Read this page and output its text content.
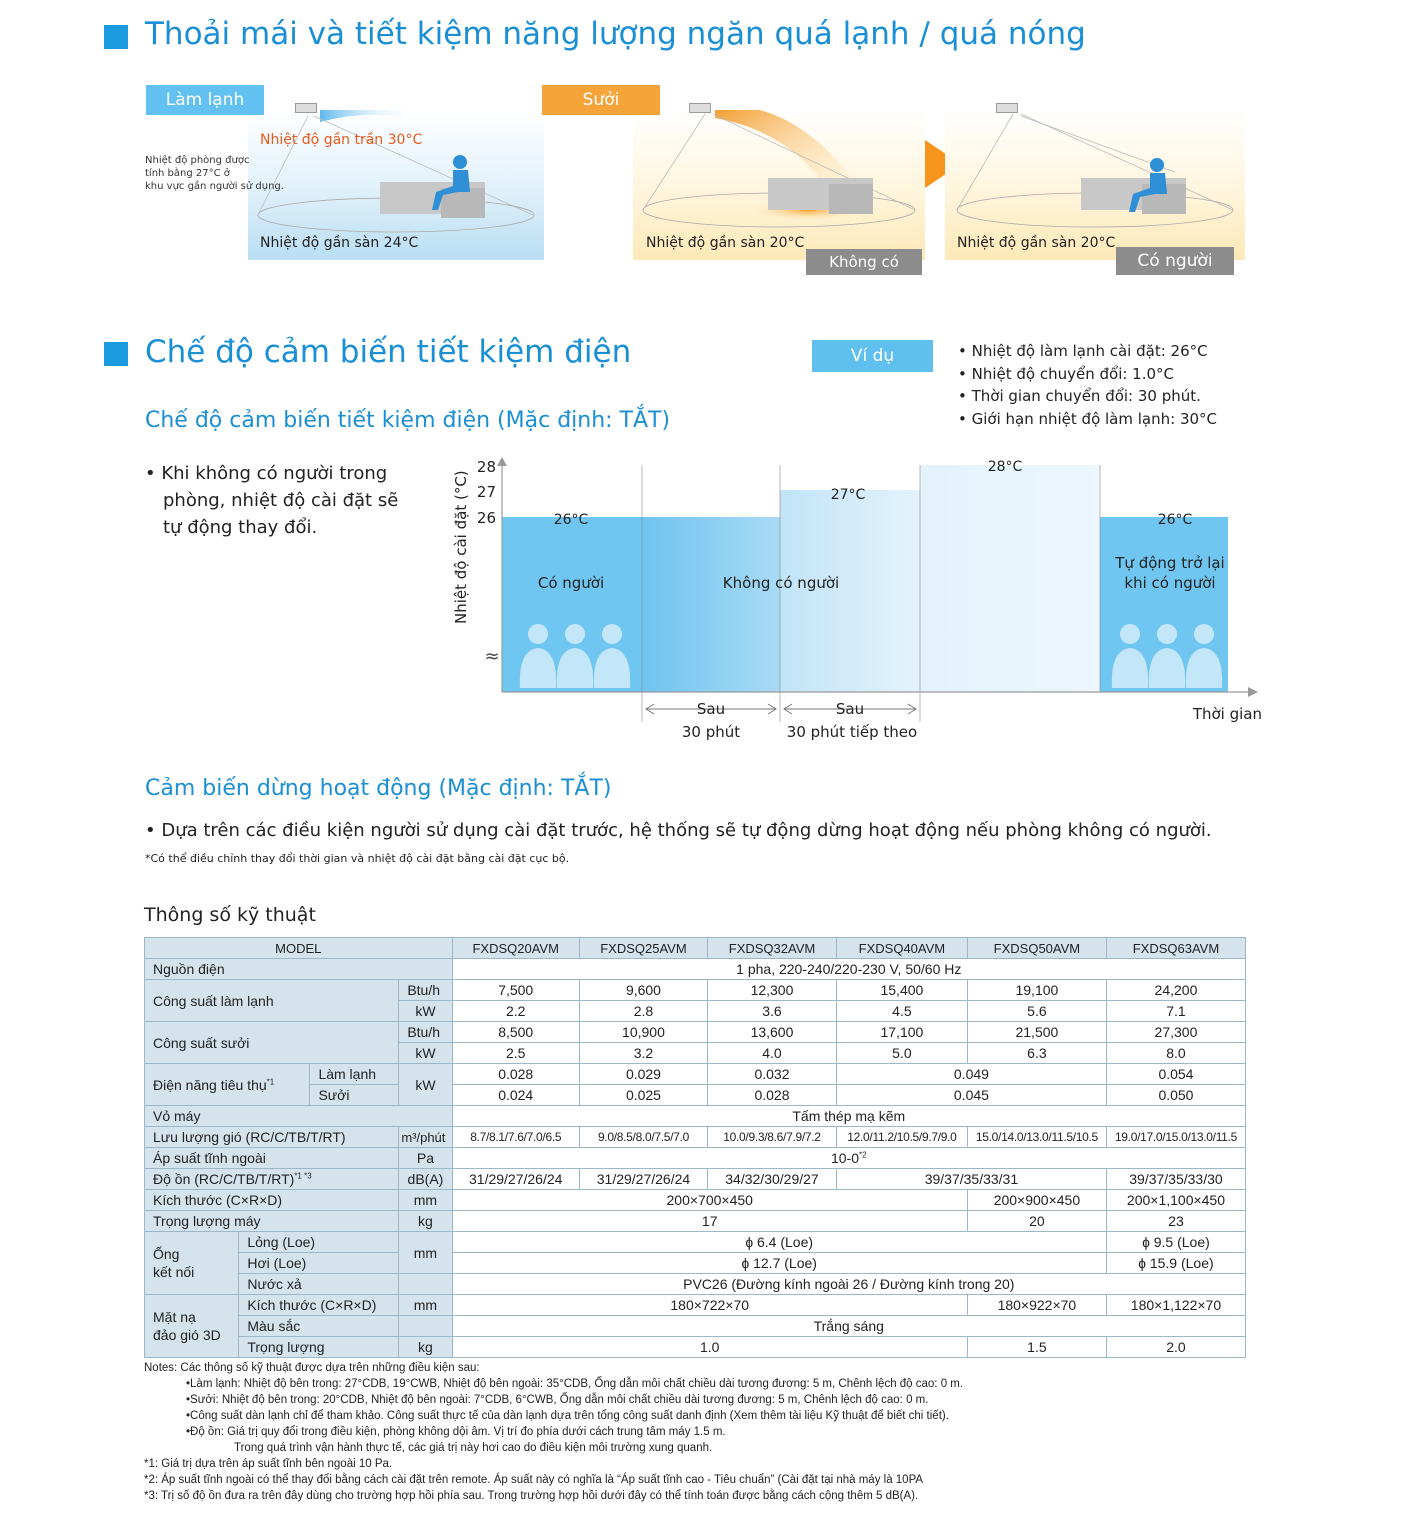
Thoải mái và tiết kiệm năng lượng ngăn quá lạnh / quá nóng
Làm lạnh
Nhiệt độ gần trần 30°C
Nhiệt độ gần sàn 24°C
Nhiệt độ phòng được
tính bằng 27°C ở
khu vực gần người sử dụng.
Sưởi
Nhiệt độ gần sàn 20°C
Không có người
Nhiệt độ gần sàn 20°C
Có người
Chế độ cảm biến tiết kiệm điện	Ví dụ	• Nhiệt độ làm lạnh cài đặt: 26°C
• Nhiệt độ chuyển đổi: 1.0°C
• Thời gian chuyển đổi: 30 phút.
• Giới hạn nhiệt độ làm lạnh: 30°C
Chế độ cảm biến tiết kiệm điện (Mặc định: TẮT)
• Khi không có người trong
phòng, nhiệt độ cài đặt sẽ
tự động thay đổi.	Nhiệt độ cài đặt (°C)
28
27
26
≈
26°C
27°C
28°C
26°C
Có người	Không có người
Tự động trở lại
khi có người
Sau
30 phút
Sau
30 phút tiếp theo
Thời gian
Cảm biến dừng hoạt động (Mặc định: TẮT)
• Dựa trên các điều kiện người sử dụng cài đặt trước, hệ thống sẽ tự động dừng hoạt động nếu phòng không có người.
*Có thể điều chỉnh thay đổi thời gian và nhiệt độ cài đặt bằng cài đặt cục bộ.
Thông số kỹ thuật
MODEL				FXDSQ20AVM	FXDSQ25AVM	FXDSQ32AVM	FXDSQ40AVM	FXDSQ50AVM	FXDSQ63AVM
Nguồn điện				1 pha, 220-240/220-230 V, 50/60 Hz					
Công suất làm lạnh			Btu/h	7,500	9,600	12,300	15,400	19,100	24,200
			kW	2.2	2.8	3.6	4.5	5.6	7.1
Công suất sưởi			Btu/h	8,500	10,900	13,600	17,100	21,500	27,300
			kW	2.5	3.2	4.0	5.0	6.3	8.0
Điện năng tiêu thụ$^{*1}$		Làm lạnh	kW	0.028	0.029	0.032	0.049		0.054
		Sưởi		0.024	0.025	0.028	0.045		0.050
Vỏ máy				Tấm thép mạ kẽm					
Lưu lượng gió (RC/C/TB/T/RT)			m³/phút	8.7/8.1/7.6/7.0/6.5	9.0/8.5/8.0/7.5/7.0	10.0/9.3/8.6/7.9/7.2	12.0/11.2/10.5/9.7/9.0	15.0/14.0/13.0/11.5/10.5	19.0/17.0/15.0/13.0/11.5
Áp suất tĩnh ngoài			Pa	10-0$^{*2}$
Độ ồn $(RC/C/TB/T/RT)^{*1 *3}$			dB(A)	31/29/27/26/24	31/29/27/26/24	34/32/30/29/27	39/37/35/33/31		39/37/35/33/30
Kích thước (C×R×D)			mm	200×700×450				200×900×450	200×1,100×450
Trọng lượng máy			kg	17				20	23

Ống
kết nối	Lỏng (Loe)		mm	ɸ 6.4 (Loe)					ɸ 9.5 (Loe)
	Hơi (Loe)			ɸ 12.7 (Loe)					ɸ 15.9 (Loe)
	Nước xả			PVC26 (Đường kính ngoài 26 / Đường kính trong 20)					

Mặt nạ
đảo gió 3D	Kích thước (C×R×D)		mm	180×722×70				180×922×70	180×1,122×70
	Màu sắc			Trắng sáng					
	Trọng lượng		kg	1.0				1.5	2.0
Notes: Các thông số kỹ thuật được dựa trên những điều kiện sau:
•Làm lạnh: Nhiệt độ bên trong: 27°CDB, 19°CWB, Nhiệt độ bên ngoài: 35°CDB, Ống dẫn môi chất chiều dài tương đương: 5 m, Chênh lệch độ cao: 0 m.
•Sưởi: Nhiệt độ bên trong: 20°CDB, Nhiệt độ bên ngoài: 7°CDB, 6°CWB, Ống dẫn môi chất chiều dài tương đương: 5 m, Chênh lệch độ cao: 0 m.
•Công suất dàn lạnh chỉ để tham khảo. Công suất thực tế của dàn lạnh dựa trên tổng công suất danh định (Xem thêm tài liệu Kỹ thuật để biết chi tiết).
•Độ ồn: Giá trị quy đổi trong điều kiện, phòng không dội âm. Vị trí đo phía dưới cách trung tâm máy 1.5 m.
Trong quá trình vận hành thực tế, các giá trị này hơi cao do điều kiện môi trường xung quanh.
*1: Giá trị dựa trên áp suất tĩnh bên ngoài 10 Pa.
*2: Áp suất tĩnh ngoài có thể thay đổi bằng cách cài đặt trên remote. Áp suất này có nghĩa là “Áp suất tĩnh cao - Tiêu chuẩn” (Cài đặt tại nhà máy là 10PA
*3: Trị số độ ồn đưa ra trên đây dùng cho trường hợp hồi phía sau. Trong trường hợp hồi dưới đây có thể tính toán được bằng cách cộng thêm 5 dB(A).
